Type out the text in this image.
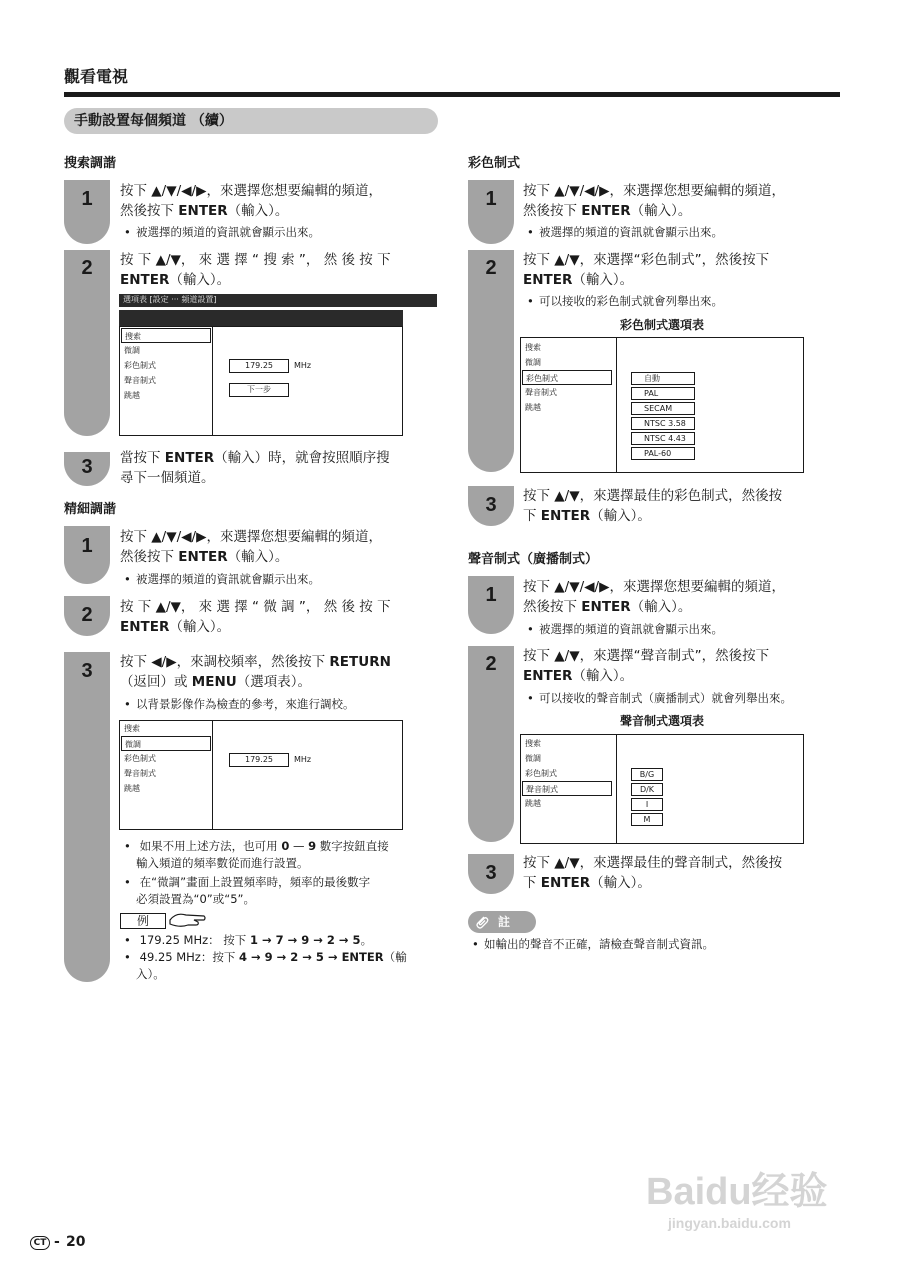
觀看電視
手動設置每個頻道 （續）
搜索調諧
1	按下 ▲/▼/◀/▶，來選擇您想要編輯的頻道，
然後按下 ENTER（輸入）。
• 被選擇的頻道的資訊就會顯示出來。
2	按 下 ▲/▼， 來 選 擇 “ 搜 索 ”， 然 後 按 下
ENTER（輸入）。
選項表 [設定 ··· 頻道設置]
搜索
微調
彩色制式
聲音制式
跳越
179.25	MHz
下一步
3	當按下 ENTER（輸入）時，就會按照順序搜
尋下一個頻道。
精細調諧
1	按下 ▲/▼/◀/▶，來選擇您想要編輯的頻道，
然後按下 ENTER（輸入）。
• 被選擇的頻道的資訊就會顯示出來。
2	按 下 ▲/▼， 來 選 擇 “ 微 調 ”， 然 後 按 下
ENTER（輸入）。
3	按下 ◀/▶，來調校頻率，然後按下 RETURN
（返回）或 MENU（選項表）。
• 以背景影像作為檢查的參考，來進行調校。
搜索
微調
彩色制式
聲音制式
跳越
179.25	MHz
• 如果不用上述方法，也可用 0 — 9 數字按鈕直接
輸入頻道的頻率數從而進行設置。
• 在“微調”畫面上設置頻率時，頻率的最後數字
必須設置為“0”或“5”。
例
• 179.25 MHz： 按下 1 → 7 → 9 → 2 → 5。
• 49.25 MHz：按下 4 → 9 → 2 → 5 → ENTER（輸
入）。
彩色制式
1	按下 ▲/▼/◀/▶，來選擇您想要編輯的頻道，
然後按下 ENTER（輸入）。
• 被選擇的頻道的資訊就會顯示出來。
2	按下 ▲/▼，來選擇“彩色制式”，然後按下
ENTER（輸入）。
• 可以接收的彩色制式就會列舉出來。
彩色制式選項表
搜索
微調
彩色制式
聲音制式
跳越
自動
PAL
SECAM
NTSC 3.58
NTSC 4.43
PAL-60
3	按下 ▲/▼，來選擇最佳的彩色制式，然後按
下 ENTER（輸入）。
聲音制式（廣播制式）
1	按下 ▲/▼/◀/▶，來選擇您想要編輯的頻道，
然後按下 ENTER（輸入）。
• 被選擇的頻道的資訊就會顯示出來。
2	按下 ▲/▼，來選擇“聲音制式”，然後按下
ENTER（輸入）。
• 可以接收的聲音制式（廣播制式）就會列舉出來。
聲音制式選項表
搜索
微調
彩色制式
聲音制式
跳越
B/G
D/K
I
M
3	按下 ▲/▼，來選擇最佳的聲音制式，然後按
下 ENTER（輸入）。
註
• 如輸出的聲音不正確，請檢查聲音制式資訊。
Baidu经验
jingyan.baidu.com
CT - 20
